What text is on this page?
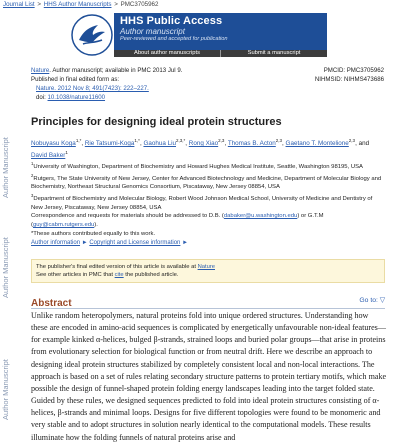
Journal List > HHS Author Manuscripts > PMC3705962
HHS Public Access
Author manuscript
Peer-reviewed and accepted for publication
About author manuscripts	Submit a manuscript
Author Manuscript
Author Manuscript
Author Manuscript
Nature. Author manuscript; available in PMC 2013 Jul 9.
Published in final edited form as:
Nature. 2012 Nov 8; 491(7423): 222–227.
doi: 10.1038/nature11600
PMCID: PMC3705962
NIHMSID: NIHMS473686
Principles for designing ideal protein structures
Nobuyasu Koga$^{1,*}$, Rie Tatsumi-Koga$^{1,*}$, Gaohua Liu$^{2,3,*}$, Rong Xiao$^{2,3}$, Thomas B. Acton$^{2,3}$, Gaetano T. Montelione$^{2,3}$, and David Baker$^1$
$^1$University of Washington, Department of Biochemistry and Howard Hughes Medical Institute, Seattle, Washington 98195, USA
$^2$Rutgers, The State University of New Jersey, Center for Advanced Biotechnology and Medicine, Department of Molecular Biology and Biochemistry, Northeast Structural Genomics Consortium, Piscataway, New Jersey 08854, USA
$^3$Department of Biochemistry and Molecular Biology, Robert Wood Johnson Medical School, University of Medicine and Dentistry of New Jersey, Piscataway, New Jersey 08854, USA
Correspondence and requests for materials should be addressed to D.B. (dabaker@u.washington.edu) or G.T.M
(guy@cabm.rutgers.edu).
*These authors contributed equally to this work.
Author information ► Copyright and License information ►
The publisher's final edited version of this article is available at Nature
See other articles in PMC that cite the published article.
Abstract	Go to: ▽
Unlike random heteropolymers, natural proteins fold into unique ordered structures. Understanding how these are encoded in amino-acid sequences is complicated by energetically unfavourable non-ideal features—for example kinked α-helices, bulged β-strands, strained loops and buried polar groups—that arise in proteins from evolutionary selection for biological function or from neutral drift. Here we describe an approach to designing ideal protein structures stabilized by completely consistent local and non-local interactions. The approach is based on a set of rules relating secondary structure patterns to protein tertiary motifs, which make possible the design of funnel-shaped protein folding energy landscapes leading into the target folded state. Guided by these rules, we designed sequences predicted to fold into ideal protein structures consisting of α-helices, β-strands and minimal loops. Designs for five different topologies were found to be monomeric and very stable and to adopt structures in solution nearly identical to the computational models. These results illuminate how the folding funnels of natural proteins arise and
